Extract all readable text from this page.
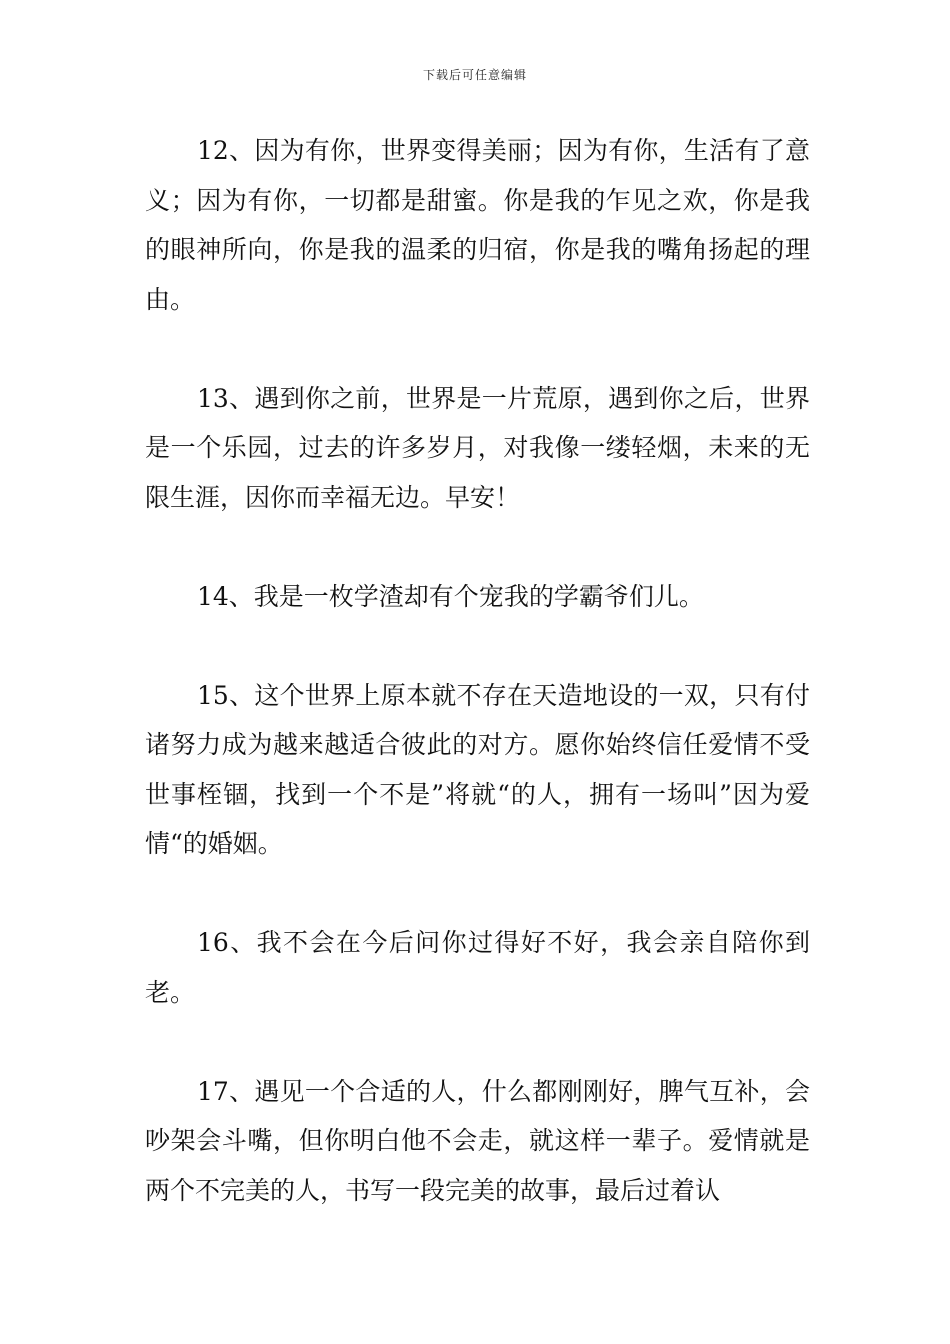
下载后可任意编辑

12、因为有你，世界变得美丽；因为有你，生活有了意义；因为有你，一切都是甜蜜。你是我的乍见之欢，你是我的眼神所向，你是我的温柔的归宿，你是我的嘴角扬起的理由。

13、遇到你之前，世界是一片荒原，遇到你之后，世界是一个乐园，过去的许多岁月，对我像一缕轻烟，未来的无限生涯，因你而幸福无边。早安！

14、我是一枚学渣却有个宠我的学霸爷们儿。

15、这个世界上原本就不存在天造地设的一双，只有付诸努力成为越来越适合彼此的对方。愿你始终信任爱情不受世事桎锢，找到一个不是”将就“的人，拥有一场叫”因为爱情“的婚姻。

16、我不会在今后问你过得好不好，我会亲自陪你到老。

17、遇见一个合适的人，什么都刚刚好，脾气互补，会吵架会斗嘴，但你明白他不会走，就这样一辈子。爱情就是两个不完美的人，书写一段完美的故事，最后过着认
